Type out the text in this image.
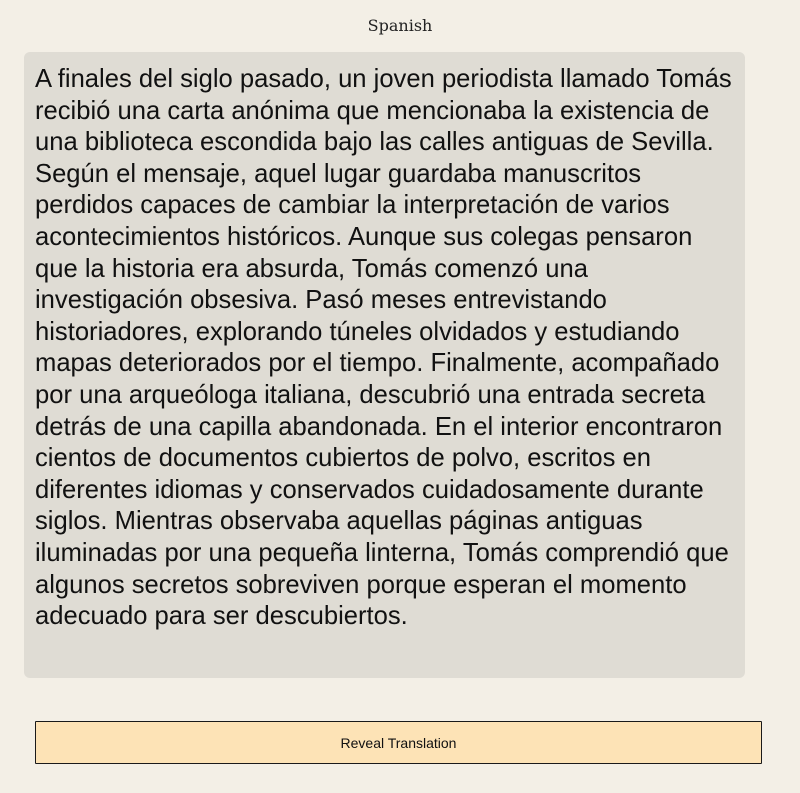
Spanish

A finales del siglo pasado, un joven periodista llamado Tomás recibió una carta anónima que mencionaba la existencia de una biblioteca escondida bajo las calles antiguas de Sevilla. Según el mensaje, aquel lugar guardaba manuscritos perdidos capaces de cambiar la interpretación de varios acontecimientos históricos. Aunque sus colegas pensaron que la historia era absurda, Tomás comenzó una investigación obsesiva. Pasó meses entrevistando historiadores, explorando túneles olvidados y estudiando mapas deteriorados por el tiempo. Finalmente, acompañado por una arqueóloga italiana, descubrió una entrada secreta detrás de una capilla abandonada. En el interior encontraron cientos de documentos cubiertos de polvo, escritos en diferentes idiomas y conservados cuidadosamente durante siglos. Mientras observaba aquellas páginas antiguas iluminadas por una pequeña linterna, Tomás comprendió que algunos secretos sobreviven porque esperan el momento adecuado para ser descubiertos.

Reveal Translation
